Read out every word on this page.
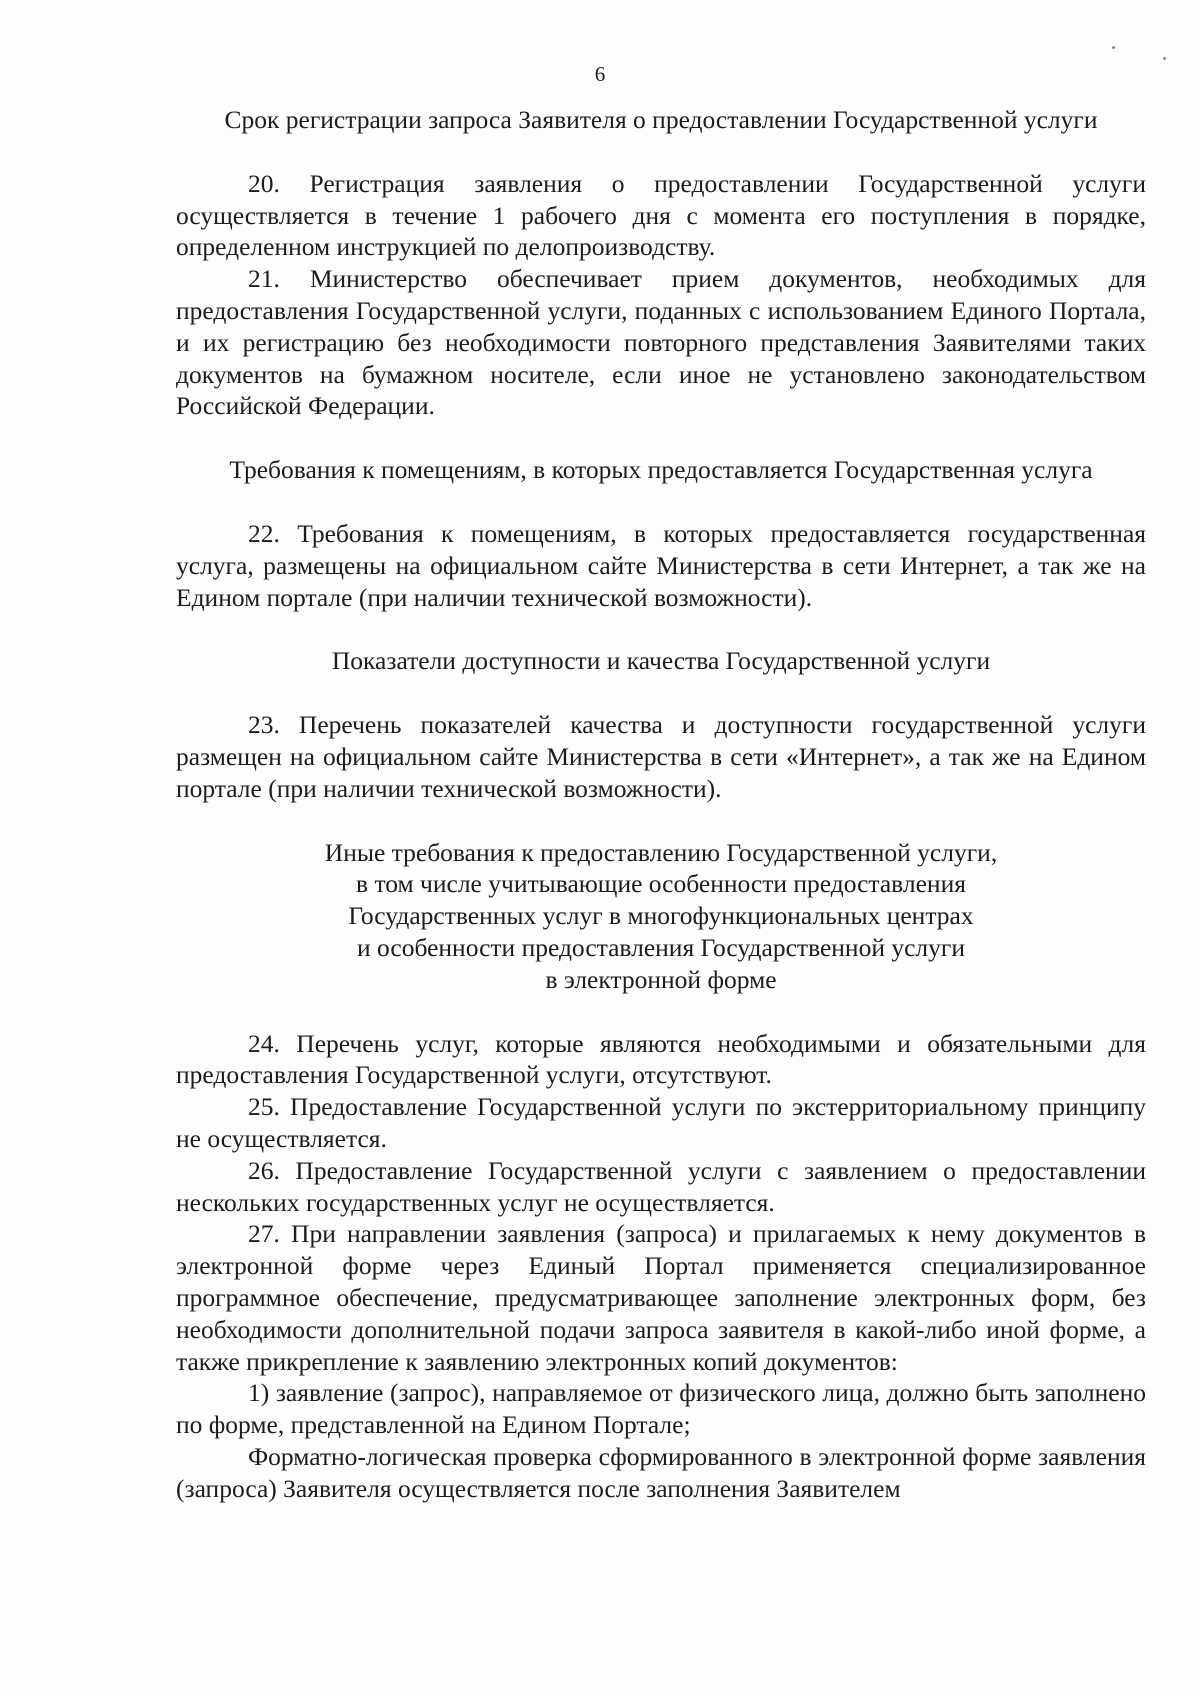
6

Срок регистрации запроса Заявителя о предоставлении Государственной услуги

20. Регистрация заявления о предоставлении Государственной услуги осуществляется в течение 1 рабочего дня с момента его поступления в порядке, определенном инструкцией по делопроизводству.

21. Министерство обеспечивает прием документов, необходимых для предоставления Государственной услуги, поданных с использованием Единого Портала, и их регистрацию без необходимости повторного представления Заявителями таких документов на бумажном носителе, если иное не установлено законодательством Российской Федерации.

Требования к помещениям, в которых предоставляется Государственная услуга

22. Требования к помещениям, в которых предоставляется государственная услуга, размещены на официальном сайте Министерства в сети Интернет, а так же на Едином портале (при наличии технической возможности).

Показатели доступности и качества Государственной услуги

23. Перечень показателей качества и доступности государственной услуги размещен на официальном сайте Министерства в сети «Интернет», а так же на Едином портале (при наличии технической возможности).

Иные требования к предоставлению Государственной услуги,

в том числе учитывающие особенности предоставления

Государственных услуг в многофункциональных центрах

и особенности предоставления Государственной услуги

в электронной форме

24. Перечень услуг, которые являются необходимыми и обязательными для предоставления Государственной услуги, отсутствуют.

25. Предоставление Государственной услуги по экстерриториальному принципу не осуществляется.

26. Предоставление Государственной услуги с заявлением о предоставлении нескольких государственных услуг не осуществляется.

27. При направлении заявления (запроса) и прилагаемых к нему документов в электронной форме через Единый Портал применяется специализированное программное обеспечение, предусматривающее заполнение электронных форм, без необходимости дополнительной подачи запроса заявителя в какой-либо иной форме, а также прикрепление к заявлению электронных копий документов:

1) заявление (запрос), направляемое от физического лица, должно быть заполнено по форме, представленной на Едином Портале;

Форматно-логическая проверка сформированного в электронной форме заявления (запроса) Заявителя осуществляется после заполнения Заявителем
